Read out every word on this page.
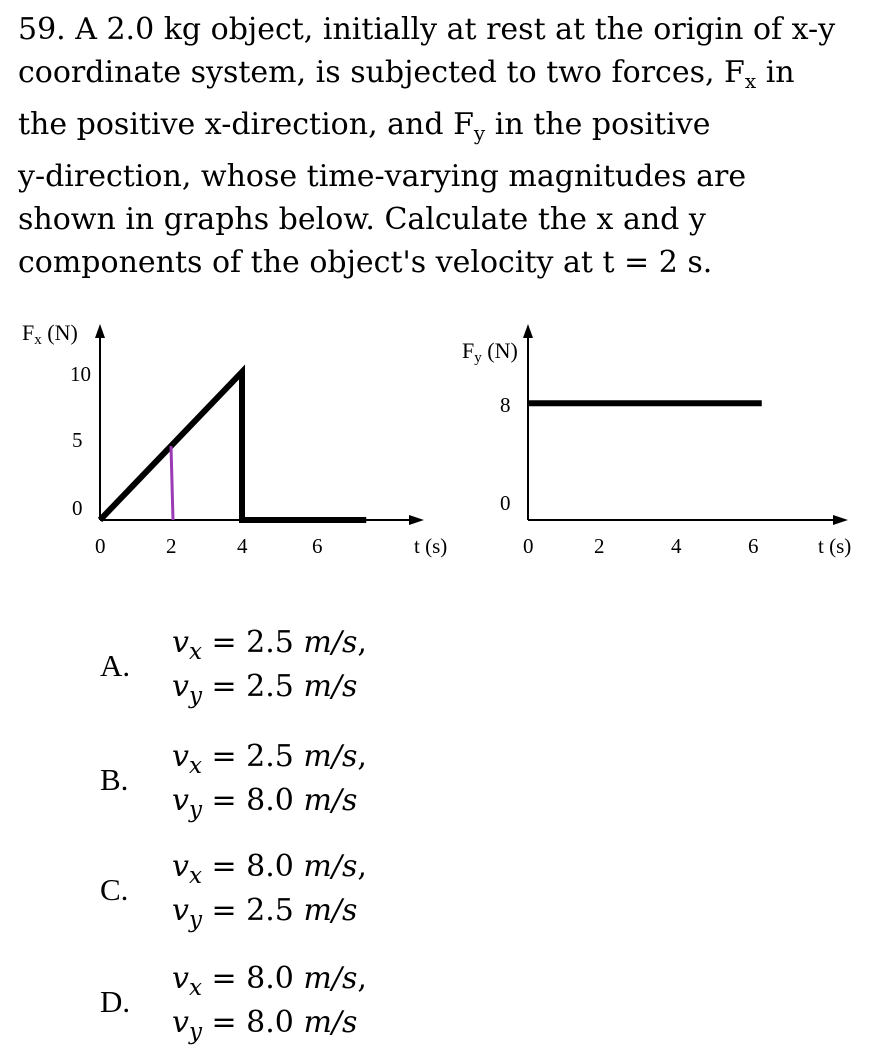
59. A 2.0 kg object, initially at rest at the origin of x-y
coordinate system, is subjected to two forces, $F_x$ in
the positive x-direction, and $F_y$ in the positive
y-direction, whose time-varying magnitudes are
shown in graphs below. Calculate the x and y
components of the object's velocity at t = 2 s.
Fx (N)
0
5
10
0	2	4	6	t (s)
Fy (N)
8
0
0	2	4	6	t (s)
A.
$v_x = 2.5$ m/s,
$v_y = 2.5$ m/s
B.
$v_x = 2.5$ m/s,
$v_y = 8.0$ m/s
C.
$v_x = 8.0$ m/s,
$v_y = 2.5$ m/s
D.
$v_x = 8.0$ m/s,
$v_y = 8.0$ m/s
